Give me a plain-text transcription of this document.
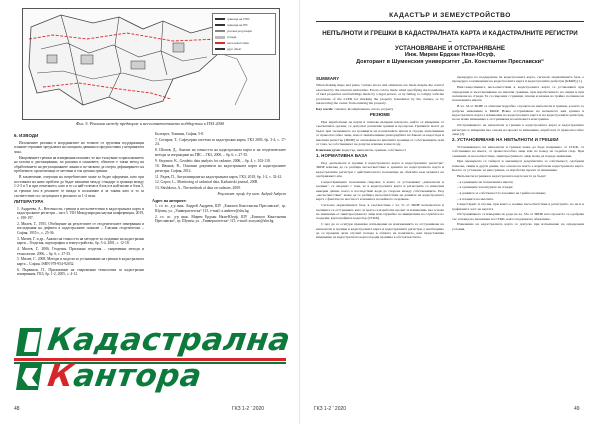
граница на УПИ
граница на ПИ
улична регулация
сграда
несъответствие
друг обект
Фиг. 5. Реалния между предворие и несъответствието поддържан в ПЗЗ 2000
6. ИЗВОДИ

Изложените разлики в координатите на точките от груповия поддържащия планове отразяват предълвата на площната давнина и предпоставка у непринятата зона.

Направените грешки на измервания показват, че ако тълкуване и приложението на ъглови и дистанционни, по разлики в плановете, обектите е такъв метод на обработването на регулационните линии и по-чатково да очерта дефинирането на проблемите, произтичащи от неточни и тоя грешки грешки.

В заключение, очертани на потребителите може за бъдат оформени, като при поставката на ниво проблем да бъдат изяснени между стандарт и граници между 1-2-3 и 5 м при отчитането, като и то са най-големи в блок и в най-малко в блок 5, за грешки там в реалните се вижда в положение и за такава като и то за съответствие със ситуацията в реалното за 1-4 пъти.

ЛИТЕРАТУРА

1. Андреева, А., Неточности, грешки и несъответствия в кадастралната карта и кадастралните регистри – част I, VIII Международна научна конференция, 2019, с. 190-197.

2. Милев, Г., 1955, Обобщение на резултатите от геодезическите измервания и изследвания на дефекти в кадастралните планове – Гласник геодезически – София, 1955 г., с. 25-36.

3. Милев, Г. и др., Анализ на точността на методите за създаване на кадастрални карти – Геодезия, картография и земеустройство, бр. 3-4, 2001, с. 12-18.

4. Милев, Г., 2006, Геодезия. Приложна геодезия – съвременни методи и технологии. 2006, – бр. 6, с. 27-35.

5. Милев, Г., 2008, Методи и модели за установяване на грешки в кадастралната карта – София, ISBN 978-954-92032.

6. Първанов, П., Приложение на съвременни технологии за кадастрални измервания, ГКЗ, бр. 1-2, 2005, с. 4-12.

Бълтарез, Тенхина, София, 5-8.

7. Сотиров, Т., Софтуерни системи за кадастрални карти, ГКЗ 2003, бр. 3-4, с. 17-24.

8. Шопов, Д., Анализ на точността на кадастралната карта и на геодезическите методи за изграждане на ГИС – ГКЗ, 2006, – бр. 6, с. 27-35.

9. Stoyanov, K., Geodetic data analysis for cadastre, 2006, – бр. 4, с. 102-110.

10. Иванов, В., Основни документи на кадастралната карта и кадастралните регистри, София, 2012.

11. Радев, П., Актуализиране на кадастралната карта, ГКЗ, 2018, бр. 1-2, с. 32-41.

12. Gopov, L., Monitoring of cadastral data, Kadastrski journal, 2008.

13. Shishkova, A., The methods of data on cadastre, 2009.

Рецензент: проф. д-р инж. Андрей Андреев

Адрес на авторите:

1. гл. ас. д-р инж. Андрей Андреев, ШУ „Епископ Константин Преславски“, гр. Шумен, ул. „Университетска“ 115, e-mail: a.andreev@shu.bg

2. гл. ас. д-р инж. Мирем Ердхан Нязи-Юсуф, ШУ „Епископ Константин Преславски“, гр. Шумен, ул. „Университетска“ 115, e-mail: m.nyazi@shu.bg

Кадастрална
Кантора
48	ГКЗ 1-2 ' 2020
КАДАСТЪР И ЗЕМЕУСТРОЙСТВО
НЕПЪЛНОТИ И ГРЕШКИ В КАДАСТРАЛНАТА КАРТА И КАДАСТРАЛНИТЕ РЕГИСТРИ –
УСТАНОВЯВАНЕ И ОТСТРАНЯВАНЕ
Инж. Мирем Ердхан Нязи-Юсуф,
Докторант в Шуменския университет „Еп. Константин Преславски“
SUMMARY

When making maps and plans, various errors and omissions are made despite the control exercised by the relevant authorities. Errors can be made when specifying the boundaries of land properties and buildings made by a legal person, or by failing to comply with the provisions of the LCPR for marking the property boundaries by the owners, or by unresolving the owner from entering his property.

Key words: cadaster, incompleteness, errors, property

РЕЗЮМЕ

При изработване на карти и планове въпреки контрола, който се извършва от съответните органи, се допускат различни грешки и пропуски. Грешките могат да бъдат при заснемането на границите на поземлените имоти и сгради, изпълнявани от правоспособно лице, или от неизпълнение разпоредбите на Закона за кадастъра и имотния регистър (ЗКИР) за означаване на имотните граници от собствениците, или от това, че собственикът не допуска влизане в имота му.

Ключови думи: кадастър, непълноти, грешки, собственост

1. НОРМАТИВНА БАЗА

Под „непълноти и грешки в кадастралната карта и кадастралните регистри“ ЗКИР изисква да се разбира несъответствие в данните на кадастралната карта и кадастралните регистри с действителното положение на обектите към момента на одобряването им.

Съществуващите положения свързват, в които се установяват „непълноти и грешки“, се свързват с това, че в кадастралната карта и регистрите са нанесени неверни данни, което в последствие води до спорове между собствениците. Под „несъответствие“ може да се разбира несъответствие на данните на кадастралната карта с фактите по местност в момента на нейното създаване.

Съгласно нормативната база, в съответствие с чл. 51 от ЗКИР непълнотите и грешките се отстраняват, като за целта се изработва проект за изменение, въз основа на заявление от заинтересуваното лице или служебно по инициатива на службата по геодезия, картография и кадастър (СГКК).

С цел да се осигури правилно изпълнение на изискванията за отстраняване на непълноти и грешки в кадастралната карта и кадастралните регистри, е необходимо да се прецени дали случаят попада в обхвата на понятието, или представлява изменение на кадастралната карта поради промяна в обстоятелствата.

процедура по поддържане на кадастралната карта, съгласно нормативната база, е процедура за изменение на кадастралната карта и кадастралните регистри (КККР) [1].

Най-съществените несъответствия в кадастралната карта се установяват при определяне и възстановяване на имотни граници, при изработването на скици и при заснемане на сгради. Те са свързани с граници, площи и начина на трайно ползване на поземлените имоти.

В чл. 54 от ЗКИР са описани подробно случаите на непълноти и грешки, в които се допуска изменение в КККР. Всяко отстраняване на непълнота или грешка в кадастралната карта е изменение на кадастралната карта и на кадастралните регистри, но не всяко изменение е отстраняване на непълнота или грешка.

Отстраняването на непълноти и грешки в кадастралната карта и кадастралните регистри се извършва въз основа на проект за изменение, изработен от правоспособно лице [2].

2. УСТАНОВЯВАНЕ НА НЕПЪЛНОТИ И ГРЕШКИ

Установяването на непълноти и грешки може да бъде направено от СГКК, от собственика на имота, от правоспособно лице или по повод на съдебен спор. При съмнение за несъответствие, заинтересуваното лице може да подаде заявление.

При проверката се събират и анализират документите за собственост, одобрени планове, скици и други данни, въз основа на които е изработена кадастралната карта. Когато се установи, че има грешка, се изработва проект за изменение.

Непълноти и грешки в кадастралната карта могат да бъдат:

– в границите на поземлените имоти;

– в границите и контурите на сгради;

– в данните за собствеността и начина на трайно ползване;

– в площите на имотите.

Съществуват и случаи, при които е налице несъответствие в регистрите, но не и в графичната част на картата.

Отстраняването се извършва по реда на чл. 53а от ЗКИР, като проектът се одобрява със заповед на началника на СГКК, която подлежи на обжалване.

Изменение на кадастралната карта се допуска при изпълнение на определени условия.

ГКЗ 1-2 ' 2020	49
